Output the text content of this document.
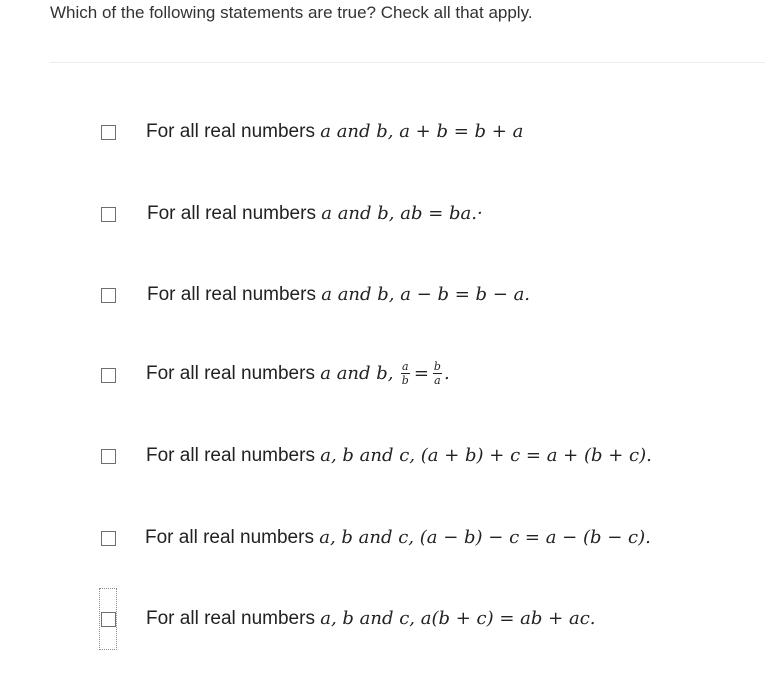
Which of the following statements are true? Check all that apply.
For all real numbers a and b, a + b = b + a
For all real numbers a and b, ab = ba.·
For all real numbers a and b, a − b = b − a.
For all real numbers a and b, $\frac{a}{b} = \frac{b}{a}$ .
For all real numbers a, b and c, (a + b) + c = a + (b + c).
For all real numbers a, b and c, (a − b) − c = a − (b − c).
For all real numbers a, b and c, a(b + c) = ab + ac.
